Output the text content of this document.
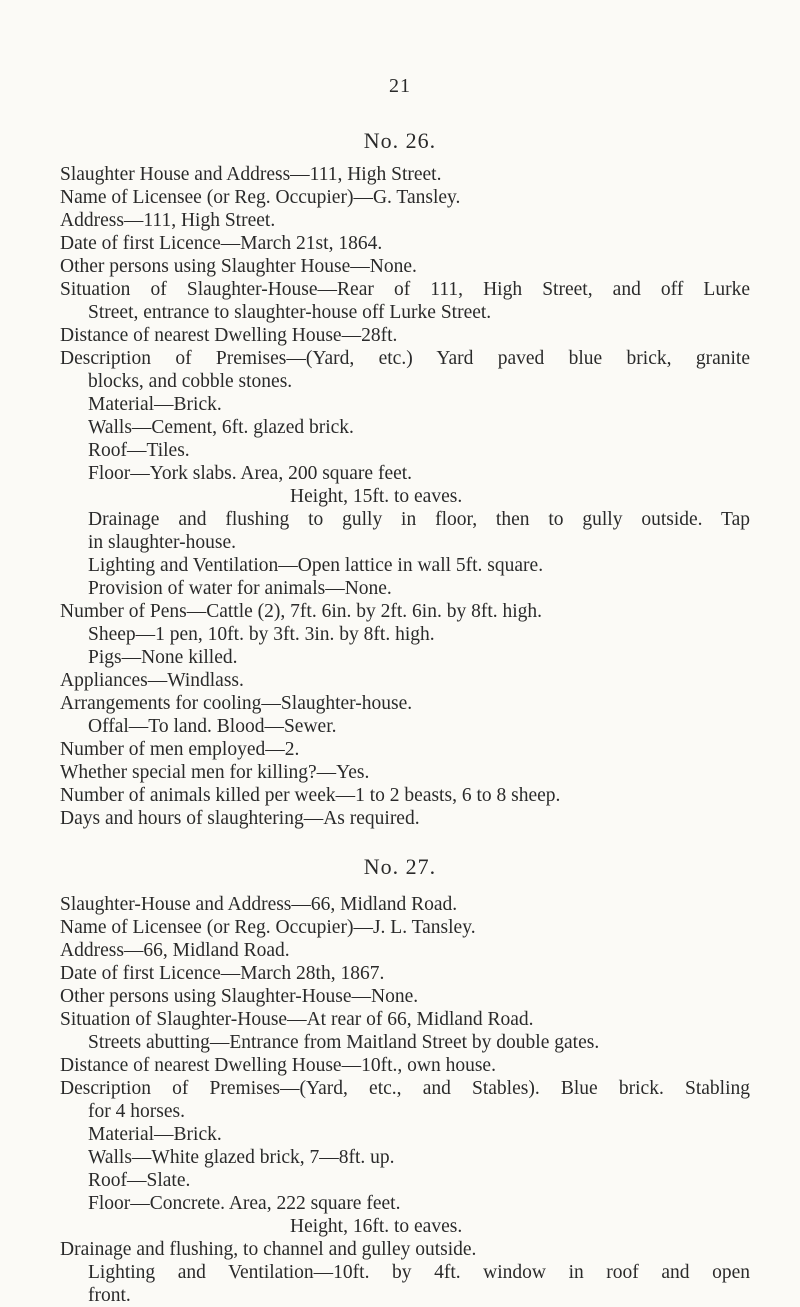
21
No. 26.
Slaughter House and Address—111, High Street.
Name of Licensee (or Reg. Occupier)—G. Tansley.
Address—111, High Street.
Date of first Licence—March 21st, 1864.
Other persons using Slaughter House—None.
Situation of Slaughter-House—Rear of 111, High Street, and off Lurke
Street, entrance to slaughter-house off Lurke Street.
Distance of nearest Dwelling House—28ft.
Description of Premises—(Yard, etc.) Yard paved blue brick, granite
blocks, and cobble stones.
Material—Brick.
Walls—Cement, 6ft. glazed brick.
Roof—Tiles.
Floor—York slabs. Area, 200 square feet.
Height, 15ft. to eaves.
Drainage and flushing to gully in floor, then to gully outside. Tap
in slaughter-house.
Lighting and Ventilation—Open lattice in wall 5ft. square.
Provision of water for animals—None.
Number of Pens—Cattle (2), 7ft. 6in. by 2ft. 6in. by 8ft. high.
Sheep—1 pen, 10ft. by 3ft. 3in. by 8ft. high.
Pigs—None killed.
Appliances—Windlass.
Arrangements for cooling—Slaughter-house.
Offal—To land. Blood—Sewer.
Number of men employed—2.
Whether special men for killing?—Yes.
Number of animals killed per week—1 to 2 beasts, 6 to 8 sheep.
Days and hours of slaughtering—As required.
No. 27.
Slaughter-House and Address—66, Midland Road.
Name of Licensee (or Reg. Occupier)—J. L. Tansley.
Address—66, Midland Road.
Date of first Licence—March 28th, 1867.
Other persons using Slaughter-House—None.
Situation of Slaughter-House—At rear of 66, Midland Road.
Streets abutting—Entrance from Maitland Street by double gates.
Distance of nearest Dwelling House—10ft., own house.
Description of Premises—(Yard, etc., and Stables). Blue brick. Stabling
for 4 horses.
Material—Brick.
Walls—White glazed brick, 7—8ft. up.
Roof—Slate.
Floor—Concrete. Area, 222 square feet.
Height, 16ft. to eaves.
Drainage and flushing, to channel and gulley outside.
Lighting and Ventilation—10ft. by 4ft. window in roof and open
front.
